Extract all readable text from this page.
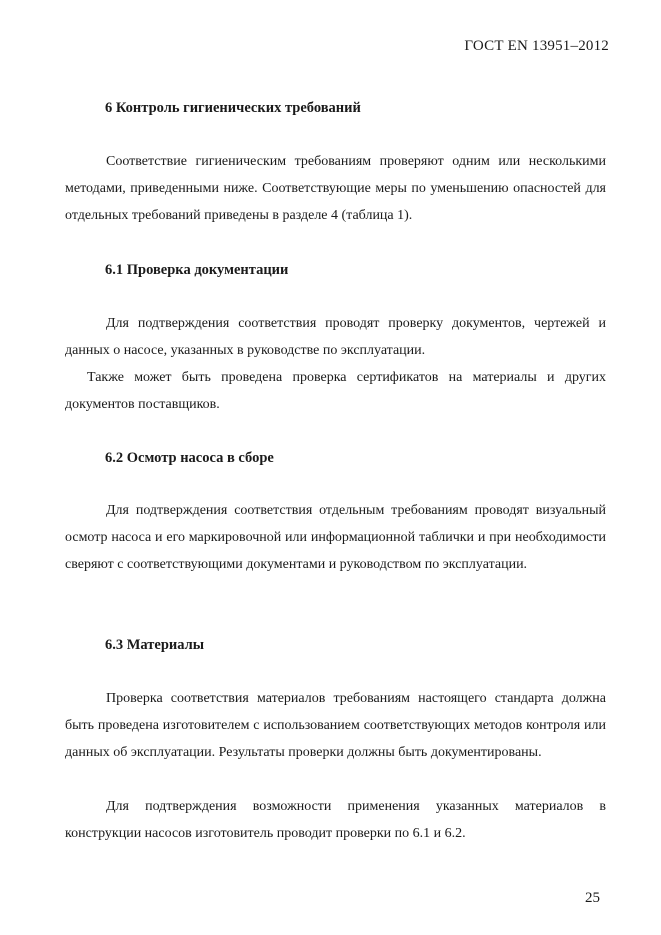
ГОСТ EN 13951–2012
6 Контроль гигиенических требований

Соответствие гигиеническим требованиям проверяют одним или несколькими методами, приведенными ниже. Соответствующие меры по уменьшению опасностей для отдельных требований приведены в разделе 4 (таблица 1).

6.1 Проверка документации

Для подтверждения соответствия проводят проверку документов, чертежей и данных о насосе, указанных в руководстве по эксплуатации.

Также может быть проведена проверка сертификатов на материалы и других документов поставщиков.

6.2 Осмотр насоса в сборе

Для подтверждения соответствия отдельным требованиям проводят визуальный осмотр насоса и его маркировочной или информационной таблички и при необходимости сверяют с соответствующими документами и руководством по эксплуатации.

6.3 Материалы

Проверка соответствия материалов требованиям настоящего стандарта должна быть проведена изготовителем с использованием соответствующих методов контроля или данных об эксплуатации. Результаты проверки должны быть документированы.

Для подтверждения возможности применения указанных материалов в конструкции насосов изготовитель проводит проверки по 6.1 и 6.2.

25
